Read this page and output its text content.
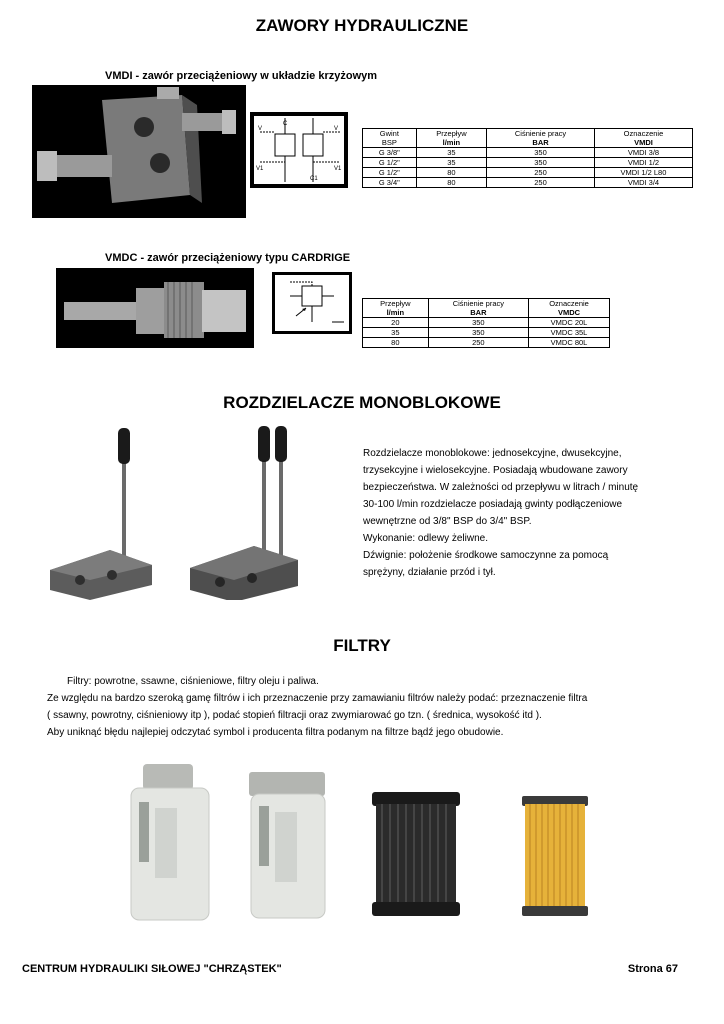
ZAWORY HYDRAULICZNE
VMDI - zawór przeciążeniowy w układzie krzyżowym
V	V
V1	V1
C
C1
Gwint	Przepływ	Ciśnienie pracy	Oznaczenie
BSP	l/min	BAR	VMDI
G 3/8"	35	350	VMDI 3/8
G 1/2"	35	350	VMDI 1/2
G 1/2"	80	250	VMDI 1/2 L80
G 3/4"	80	250	VMDI 3/4
VMDC - zawór przeciążeniowy typu CARDRIGE
Przepływ	Ciśnienie pracy	Oznaczenie
l/min	BAR	VMDC
20	350	VMDC 20L
35	350	VMDC 35L
80	250	VMDC 80L
ROZDZIELACZE MONOBLOKOWE
Rozdzielacze monoblokowe: jednosekcyjne, dwusekcyjne,
trzysekcyjne i wielosekcyjne. Posiadają wbudowane zawory
bezpieczeństwa. W zależności od przepływu w litrach / minutę
30-100 l/min rozdzielacze posiadają gwinty podłączeniowe
wewnętrzne od 3/8" BSP do 3/4" BSP.
Wykonanie: odlewy żeliwne.
Dźwignie: położenie środkowe samoczynne za pomocą
sprężyny, działanie przód i tył.
FILTRY
Filtry: powrotne, ssawne, ciśnieniowe, filtry oleju i paliwa.
Ze względu na bardzo szeroką gamę filtrów i ich przeznaczenie przy zamawianiu filtrów należy podać: przeznaczenie filtra
( ssawny, powrotny, ciśnieniowy itp ), podać stopień filtracji oraz zwymiarować go tzn. ( średnica, wysokość itd ).
Aby uniknąć błędu najlepiej odczytać symbol i producenta filtra podanym na filtrze bądź jego obudowie.
CENTRUM HYDRAULIKI SIŁOWEJ "CHRZĄSTEK"	Strona 67
